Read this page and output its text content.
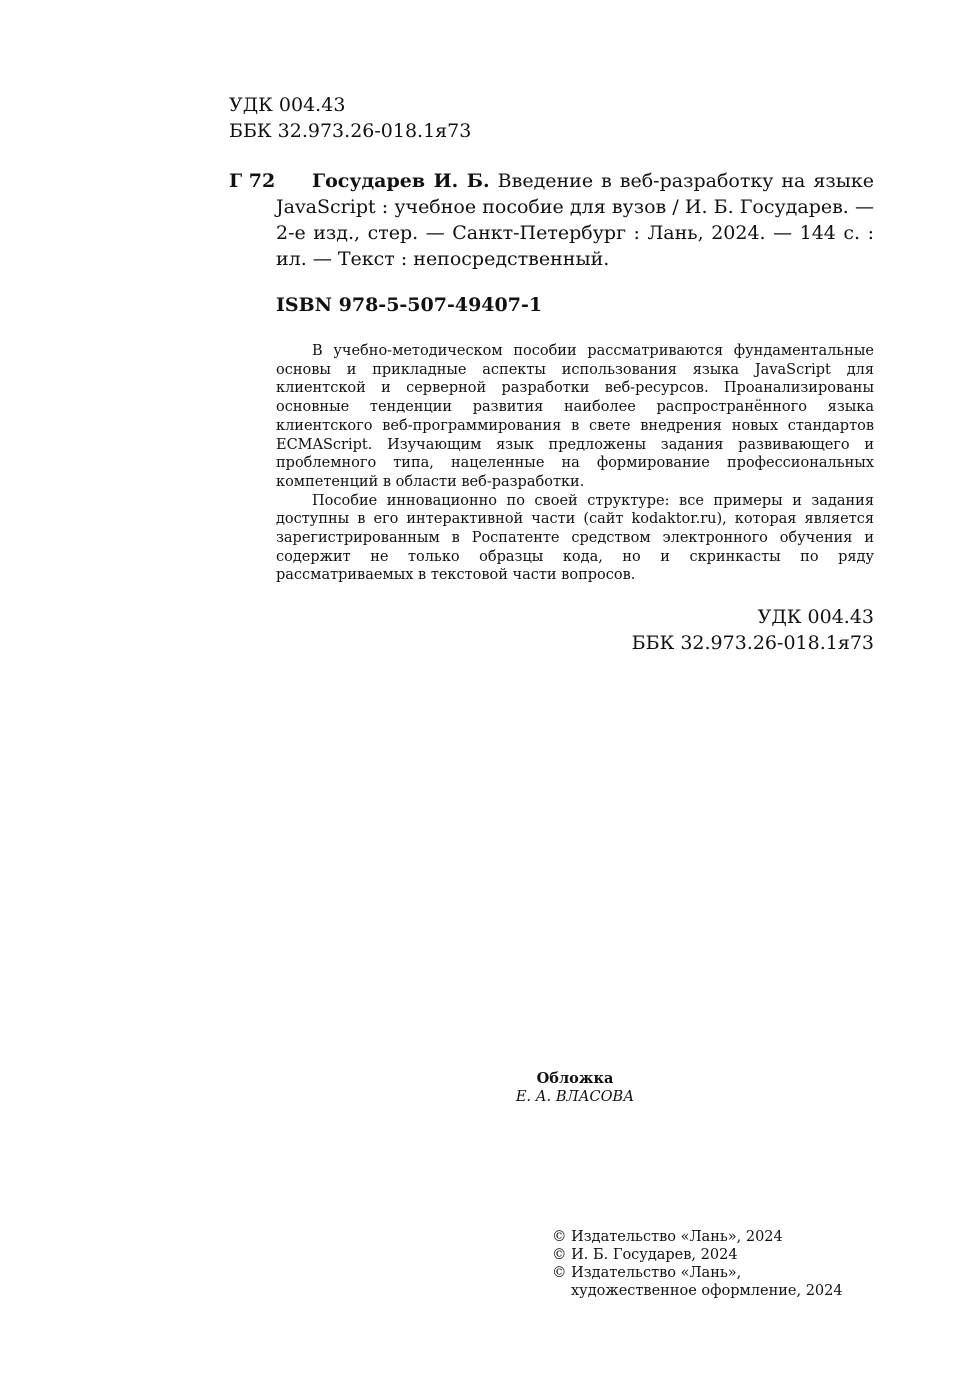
УДК 004.43
ББК 32.973.26-018.1я73
Г 72	Государев И. Б. Введение в веб-разработку на языке JavaScript : учебное пособие для вузов / И. Б. Государев. — 2-е изд., стер. — Санкт-Петербург : Лань, 2024. — 144 с. : ил. — Текст : непосредственный.
ISBN 978-5-507-49407-1

В учебно-методическом пособии рассматриваются фундаментальные основы и прикладные аспекты использования языка JavaScript для клиентской и серверной разработки веб-ресурсов. Проанализированы основные тенденции развития наиболее распространённого языка клиентского веб-программирования в свете внедрения новых стандартов ECMAScript. Изучающим язык предложены задания развивающего и проблемного типа, нацеленные на формирование профессиональных компетенций в области веб-разработки.

Пособие инновационно по своей структуре: все примеры и задания доступны в его интерактивной части (сайт kodaktor.ru), которая является зарегистрированным в Роспатенте средством электронного обучения и содержит не только образцы кода, но и скринкасты по ряду рассматриваемых в текстовой части вопросов.

УДК 004.43
ББК 32.973.26-018.1я73
Обложка
Е. А. ВЛАСОВА
© Издательство «Лань», 2024
© И. Б. Государев, 2024
© Издательство «Лань»,
художественное оформление, 2024
